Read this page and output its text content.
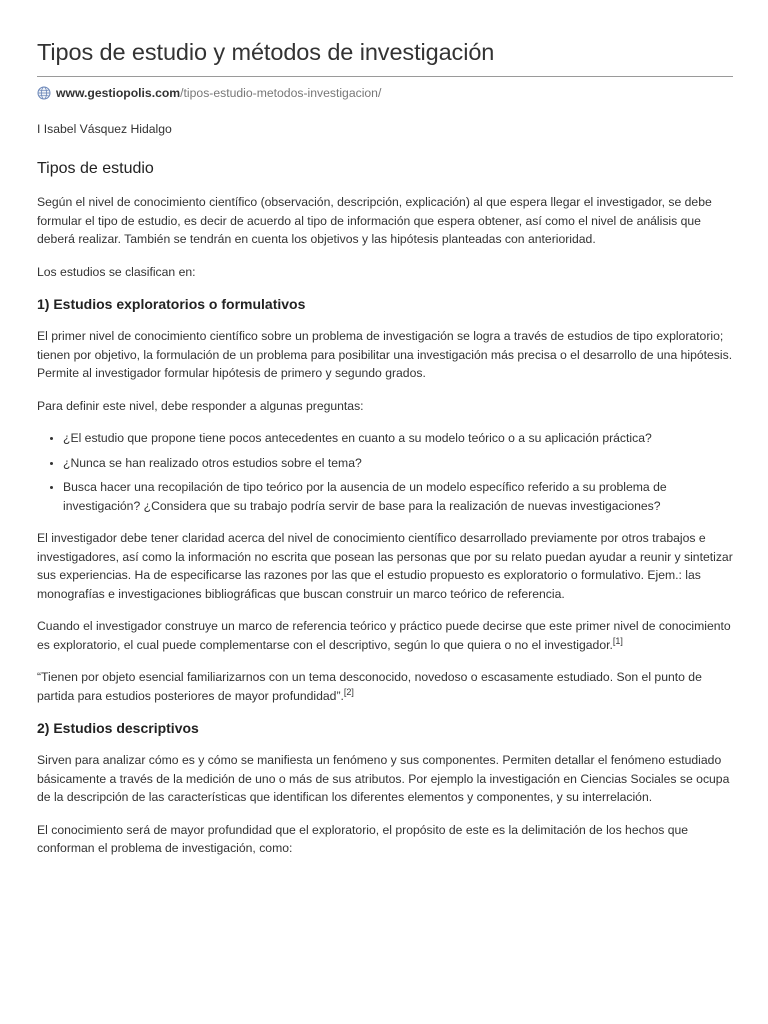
Tipos de estudio y métodos de investigación
www.gestiopolis.com /tipos-estudio-metodos-investigacion/
I Isabel Vásquez Hidalgo
Tipos de estudio

Según el nivel de conocimiento científico (observación, descripción, explicación) al que espera llegar el investigador, se debe formular el tipo de estudio, es decir de acuerdo al tipo de información que espera obtener, así como el nivel de análisis que deberá realizar. También se tendrán en cuenta los objetivos y las hipótesis planteadas con anterioridad.

Los estudios se clasifican en:

1) Estudios exploratorios o formulativos

El primer nivel de conocimiento científico sobre un problema de investigación se logra a través de estudios de tipo exploratorio; tienen por objetivo, la formulación de un problema para posibilitar una investigación más precisa o el desarrollo de una hipótesis. Permite al investigador formular hipótesis de primero y segundo grados.

Para definir este nivel, debe responder a algunas preguntas:

¿El estudio que propone tiene pocos antecedentes en cuanto a su modelo teórico o a su aplicación práctica?
¿Nunca se han realizado otros estudios sobre el tema?
Busca hacer una recopilación de tipo teórico por la ausencia de un modelo específico referido a su problema de investigación? ¿Considera que su trabajo podría servir de base para la realización de nuevas investigaciones?

El investigador debe tener claridad acerca del nivel de conocimiento científico desarrollado previamente por otros trabajos e investigadores, así como la información no escrita que posean las personas que por su relato puedan ayudar a reunir y sintetizar sus experiencias. Ha de especificarse las razones por las que el estudio propuesto es exploratorio o formulativo. Ejem.: las monografías e investigaciones bibliográficas que buscan construir un marco teórico de referencia.

Cuando el investigador construye un marco de referencia teórico y práctico puede decirse que este primer nivel de conocimiento es exploratorio, el cual puede complementarse con el descriptivo, según lo que quiera o no el investigador.[1]

“Tienen por objeto esencial familiarizarnos con un tema desconocido, novedoso o escasamente estudiado. Son el punto de partida para estudios posteriores de mayor profundidad”.[2]

2) Estudios descriptivos

Sirven para analizar cómo es y cómo se manifiesta un fenómeno y sus componentes. Permiten detallar el fenómeno estudiado básicamente a través de la medición de uno o más de sus atributos. Por ejemplo la investigación en Ciencias Sociales se ocupa de la descripción de las características que identifican los diferentes elementos y componentes, y su interrelación.

El conocimiento será de mayor profundidad que el exploratorio, el propósito de este es la delimitación de los hechos que conforman el problema de investigación, como:
